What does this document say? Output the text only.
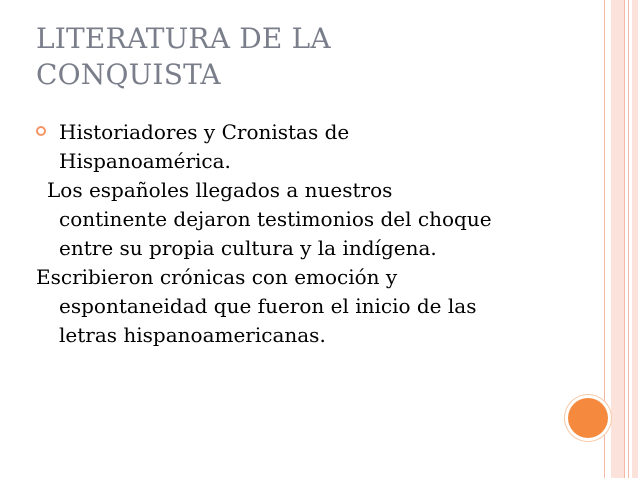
LITERATURA DE LA
CONQUISTA
Historiadores y Cronistas de
Hispanoamérica.
Los españoles llegados a nuestros
continente dejaron testimonios del choque
entre su propia cultura y la indígena.
Escribieron crónicas con emoción y
espontaneidad que fueron el inicio de las
letras hispanoamericanas.
